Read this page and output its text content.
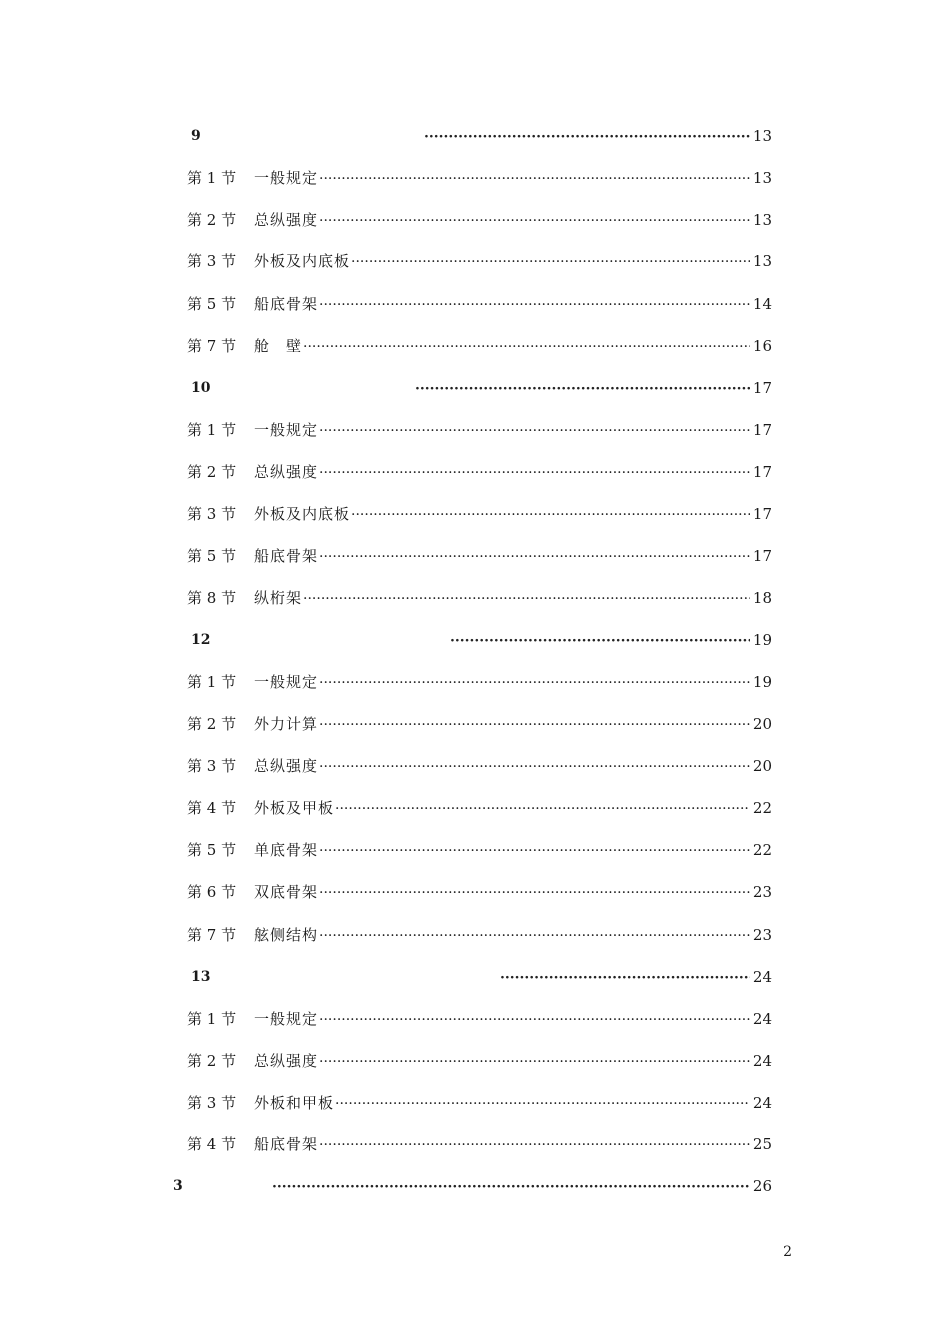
9 ·····	13
第 1 节	一般规定 ·····	13
第 2 节	总纵强度 ·····	13
第 3 节	外板及内底板 ·····	13
第 5 节	船底骨架 ·····	14
第 7 节	舱　壁 ·····	16
10 ·····	17
第 1 节	一般规定 ·····	17
第 2 节	总纵强度 ·····	17
第 3 节	外板及内底板 ·····	17
第 5 节	船底骨架 ·····	17
第 8 节	纵桁架 ·····	18
12 ·····	19
第 1 节	一般规定 ·····	19
第 2 节	外力计算 ·····	20
第 3 节	总纵强度 ·····	20
第 4 节	外板及甲板 ·····	22
第 5 节	单底骨架 ·····	22
第 6 节	双底骨架 ·····	23
第 7 节	舷侧结构 ·····	23
13 ·····	24
第 1 节	一般规定 ·····	24
第 2 节	总纵强度 ·····	24
第 3 节	外板和甲板 ·····	24
第 4 节	船底骨架 ·····	25
3 ·····	26
2
